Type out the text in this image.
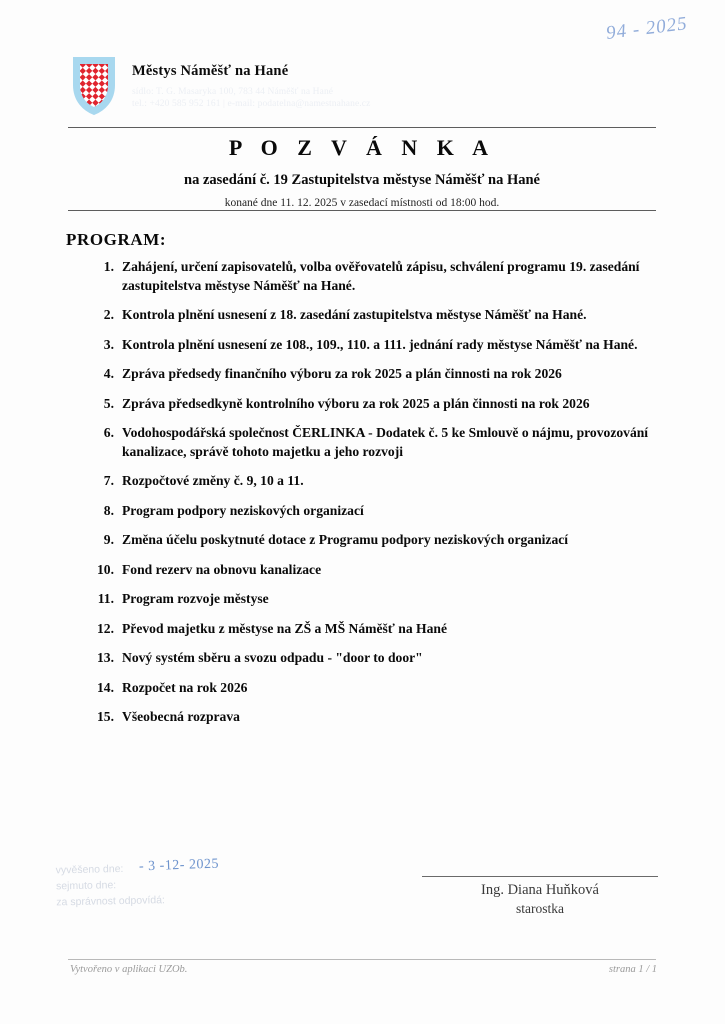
94 - 2025
Městys Náměšť na Hané
sídlo: T. G. Masaryka 100, 783 44 Náměšť na Hané
tel.: +420 585 952 161 | e-mail: podatelna@namestnahane.cz
P O Z V Á N K A
na zasedání č. 19 Zastupitelstva městyse Náměšť na Hané
konané dne 11. 12. 2025 v zasedací místnosti od 18:00 hod.
PROGRAM:
1. Zahájení, určení zapisovatelů, volba ověřovatelů zápisu, schválení programu 19. zasedání zastupitelstva městyse Náměšť na Hané.
2. Kontrola plnění usnesení z 18. zasedání zastupitelstva městyse Náměšť na Hané.
3. Kontrola plnění usnesení ze 108., 109., 110. a 111. jednání rady městyse Náměšť na Hané.
4. Zpráva předsedy finančního výboru za rok 2025 a plán činnosti na rok 2026
5. Zpráva předsedkyně kontrolního výboru za rok 2025 a plán činnosti na rok 2026
6. Vodohospodářská společnost ČERLINKA - Dodatek č. 5 ke Smlouvě o nájmu, provozování kanalizace, správě tohoto majetku a jeho rozvoji
7. Rozpočtové změny č. 9, 10 a 11.
8. Program podpory neziskových organizací
9. Změna účelu poskytnuté dotace z Programu podpory neziskových organizací
10. Fond rezerv na obnovu kanalizace
11. Program rozvoje městyse
12. Převod majetku z městyse na ZŠ a MŠ Náměšť na Hané
13. Nový systém sběru a svozu odpadu - "door to door"
14. Rozpočet na rok 2026
15. Všeobecná rozprava
vyvěšeno dne:
sejmuto dne:
za správnost odpovídá:
- 3 -12- 2025
Ing. Diana Huňková
starostka
Vytvořeno v aplikaci UZOb.	strana 1 / 1
